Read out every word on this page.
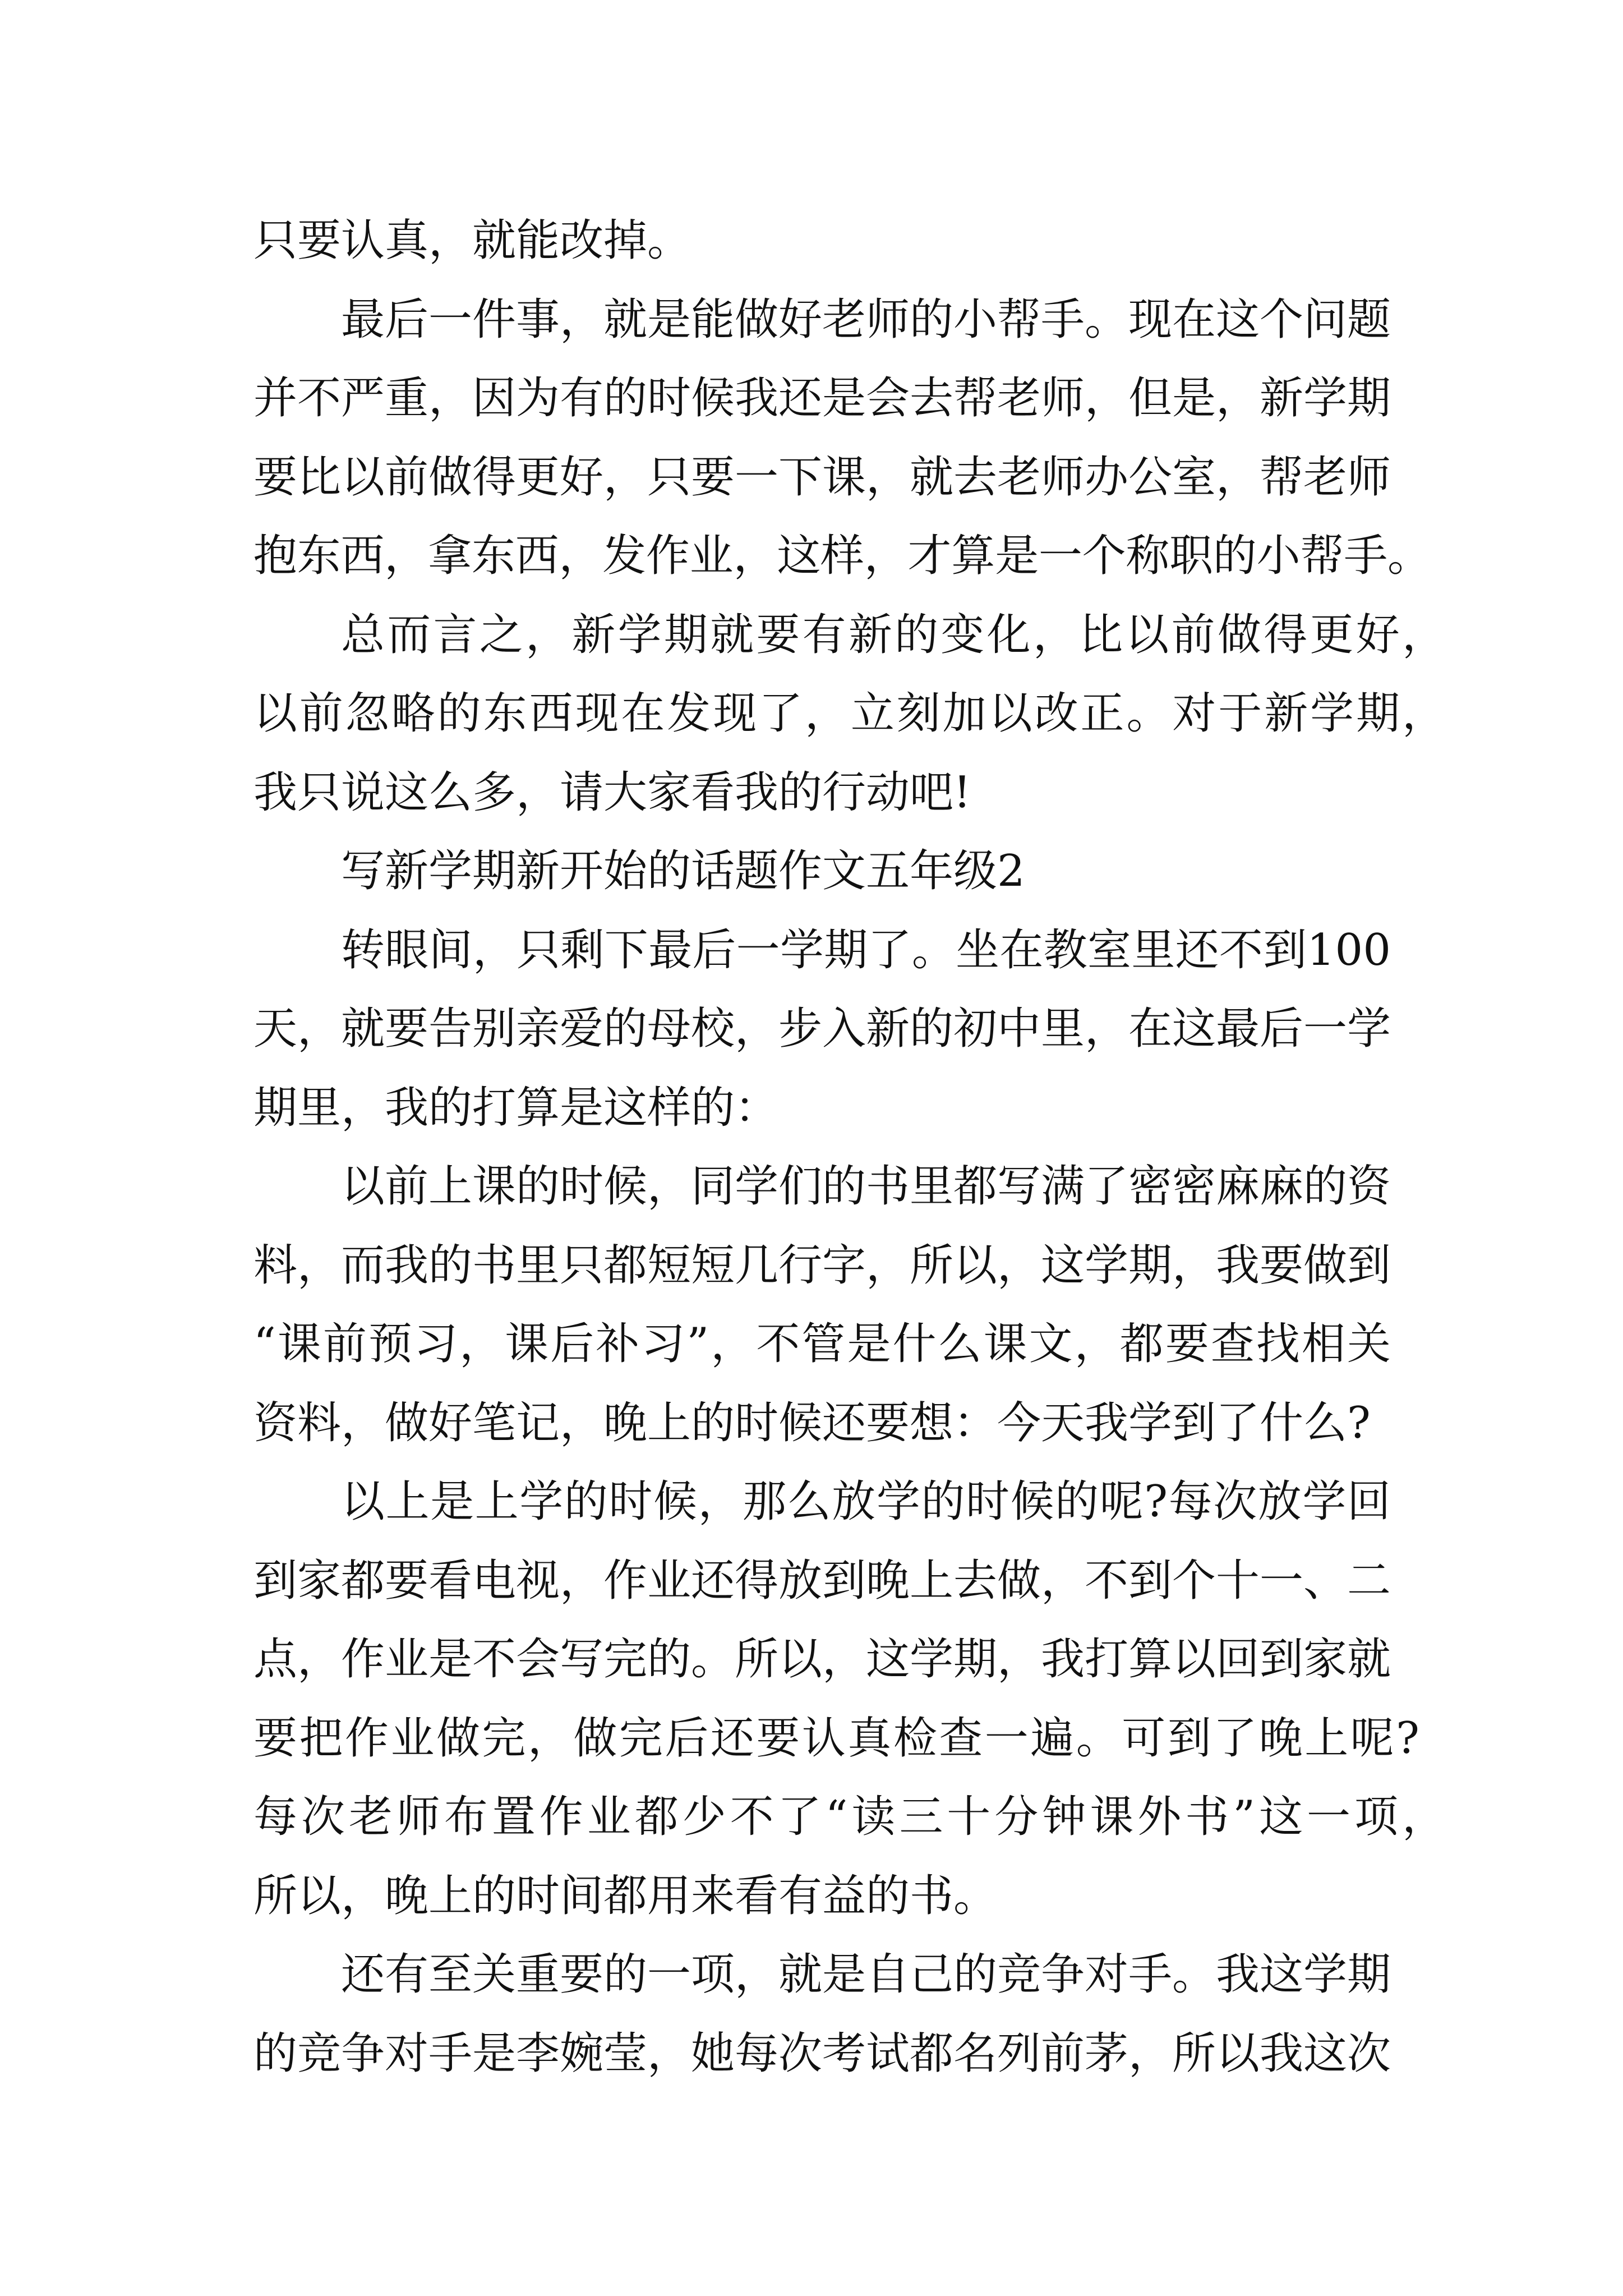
只要认真，就能改掉。
最后一件事，就是能做好老师的小帮手。现在这个问题
并不严重，因为有的时候我还是会去帮老师，但是，新学期
要比以前做得更好，只要一下课，就去老师办公室，帮老师
抱东西，拿东西，发作业，这样，才算是一个称职的小帮手。
总而言之，新学期就要有新的变化，比以前做得更好，
以前忽略的东西现在发现了，立刻加以改正。对于新学期，
我只说这么多，请大家看我的行动吧!
写新学期新开始的话题作文五年级2
转眼间，只剩下最后一学期了。坐在教室里还不到100
天，就要告别亲爱的母校，步入新的初中里，在这最后一学
期里，我的打算是这样的：
以前上课的时候，同学们的书里都写满了密密麻麻的资
料，而我的书里只都短短几行字，所以，这学期，我要做到
“课前预习，课后补习”，不管是什么课文，都要查找相关
资料，做好笔记，晚上的时候还要想：今天我学到了什么?
以上是上学的时候，那么放学的时候的呢?每次放学回
到家都要看电视，作业还得放到晚上去做，不到个十一、二
点，作业是不会写完的。所以，这学期，我打算以回到家就
要把作业做完，做完后还要认真检查一遍。可到了晚上呢?
每次老师布置作业都少不了“读三十分钟课外书”这一项，
所以，晚上的时间都用来看有益的书。
还有至关重要的一项，就是自己的竞争对手。我这学期
的竞争对手是李婉莹，她每次考试都名列前茅，所以我这次
